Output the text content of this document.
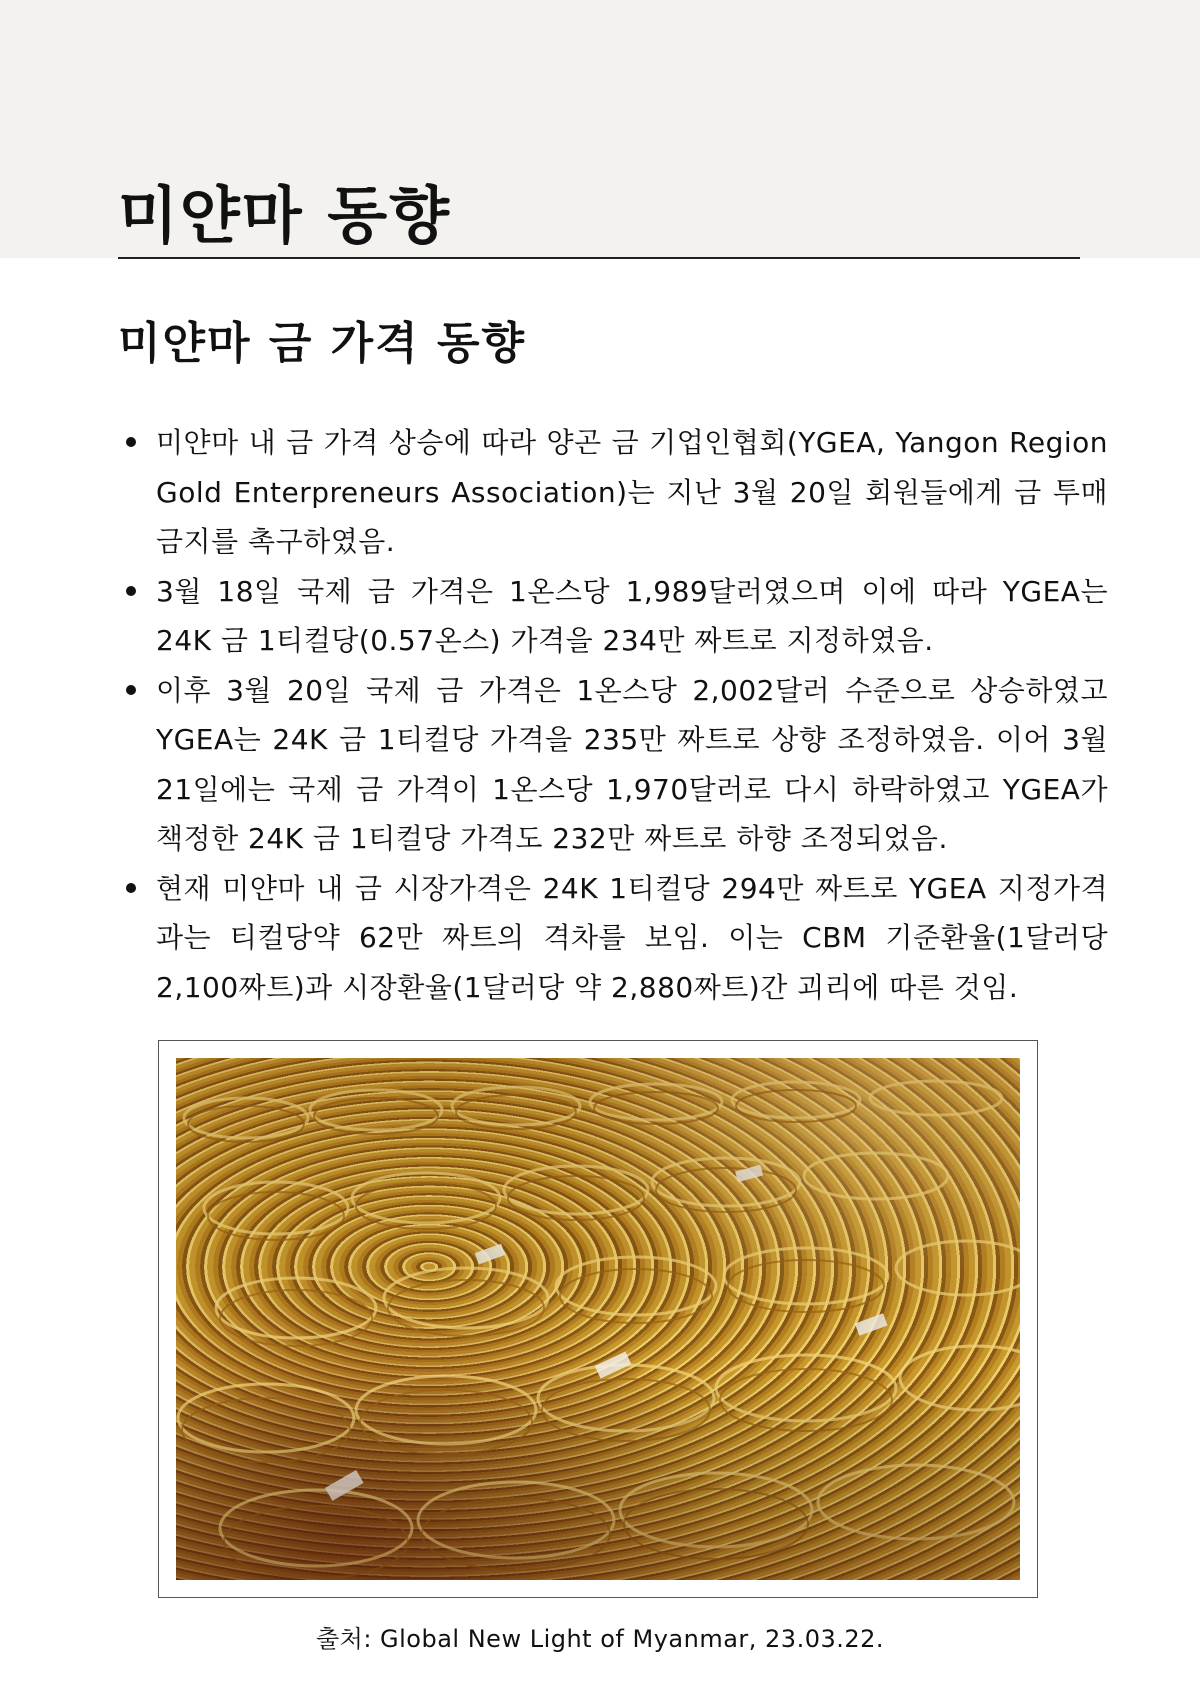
미얀마 동향
미얀마 금 가격 동향
미얀마 내 금 가격 상승에 따라 양곤 금 기업인협회(YGEA, Yangon Region Gold Enterpreneurs Association)는 지난 3월 20일 회원들에게 금 투매 금지를 촉구하였음.
3월 18일 국제 금 가격은 1온스당 1,989달러였으며 이에 따라 YGEA는 24K 금 1티컬당(0.57온스) 가격을 234만 짜트로 지정하였음.
이후 3월 20일 국제 금 가격은 1온스당 2,002달러 수준으로 상승하였고 YGEA는 24K 금 1티컬당 가격을 235만 짜트로 상향 조정하였음. 이어 3월 21일에는 국제 금 가격이 1온스당 1,970달러로 다시 하락하였고 YGEA가 책정한 24K 금 1티컬당 가격도 232만 짜트로 하향 조정되었음.
현재 미얀마 내 금 시장가격은 24K 1티컬당 294만 짜트로 YGEA 지정가격과는 티컬당약 62만 짜트의 격차를 보임. 이는 CBM 기준환율(1달러당 2,100짜트)과 시장환율(1달러당 약 2,880짜트)간 괴리에 따른 것임.

출처: Global New Light of Myanmar, 23.03.22.
